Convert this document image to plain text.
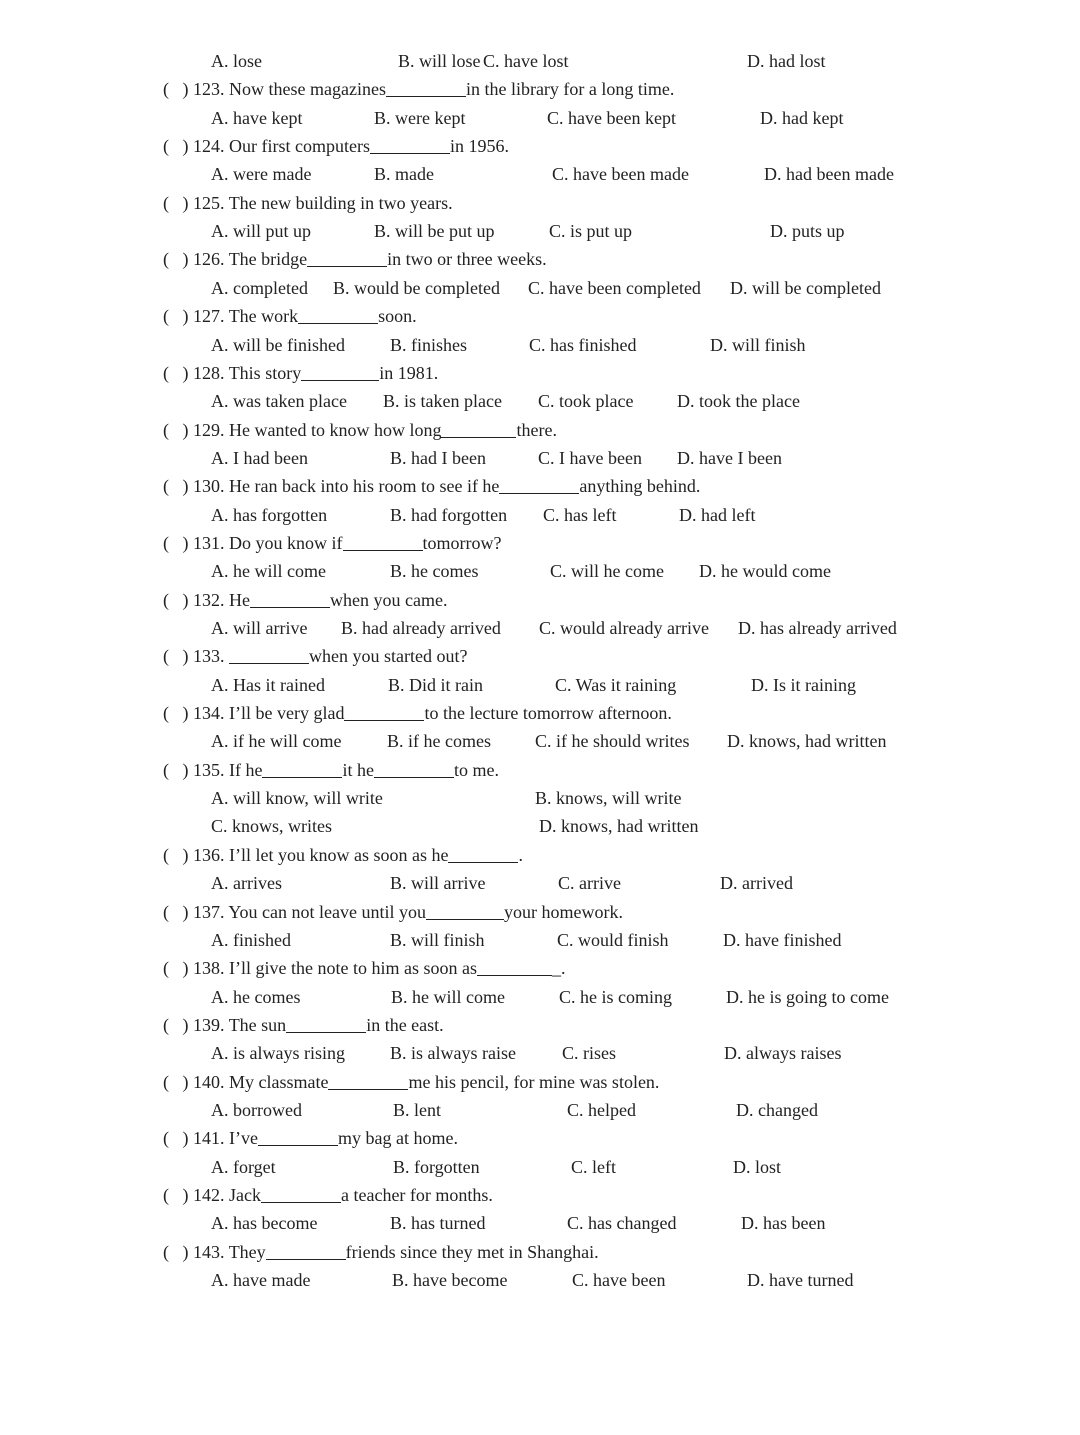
A. lose	B. will lose C. have lost	D. had lost
(   ) 123. Now these magazines	in the library for a long time.
A. have kept	B. were kept	C. have been kept	D. had kept
(   ) 124. Our first computers	in 1956.
A. were made	B. made	C. have been made	D. had been made
(   ) 125. The new building in two years.
A. will put up	B. will be put up	C. is put up	D. puts up
(   ) 126. The bridge	in two or three weeks.
A. completed B. would be completed C. have been completed D. will be completed
(   ) 127. The work	soon.
A. will be finished	B. finishes	C. has finished	D. will finish
(   ) 128. This story	in 1981.
A. was taken place B. is taken place C. took place D. took the place
(   ) 129. He wanted to know how long	there.
A. I had been	B. had I been	C. I have been D. have I been
(   ) 130. He ran back into his room to see if he	anything behind.
A. has forgotten	B. had forgotten C. has left	D. had left
(   ) 131. Do you know if	tomorrow?
A. he will come	B. he comes	C. will he come D. he would come
(   ) 132. He	when you came.
A. will arrive B. had already arrived C. would already arrive D. has already arrived
(   ) 133.	when you started out?
A. Has it rained	B. Did it rain	C. Was it raining	D. Is it raining
(   ) 134. I’ll be very glad	to the lecture tomorrow afternoon.
A. if he will come	B. if he comes C. if he should writes D. knows, had written
(   ) 135. If he	it he	to me.
A. will know, will write	B. knows, will write
C. knows, writes	D. knows, had written
(   ) 136. I’ll let you know as soon as he	.
A. arrives	B. will arrive	C. arrive	D. arrived
(   ) 137. You can not leave until you	your homework.
A. finished	B. will finish	C. would finish	D. have finished
(   ) 138. I’ll give the note to him as soon as	_.
A. he comes	B. he will come	C. he is coming	D. he is going to come
(   ) 139. The sun	in the east.
A. is always rising	B. is always raise	C. rises	D. always raises
(   ) 140. My classmate	me his pencil, for mine was stolen.
A. borrowed	B. lent	C. helped	D. changed
(   ) 141. I’ve	my bag at home.
A. forget	B. forgotten	C. left	D. lost
(   ) 142. Jack	a teacher for months.
A. has become	B. has turned	C. has changed	D. has been
(   ) 143. They	friends since they met in Shanghai.
A. have made	B. have become	C. have been	D. have turned
